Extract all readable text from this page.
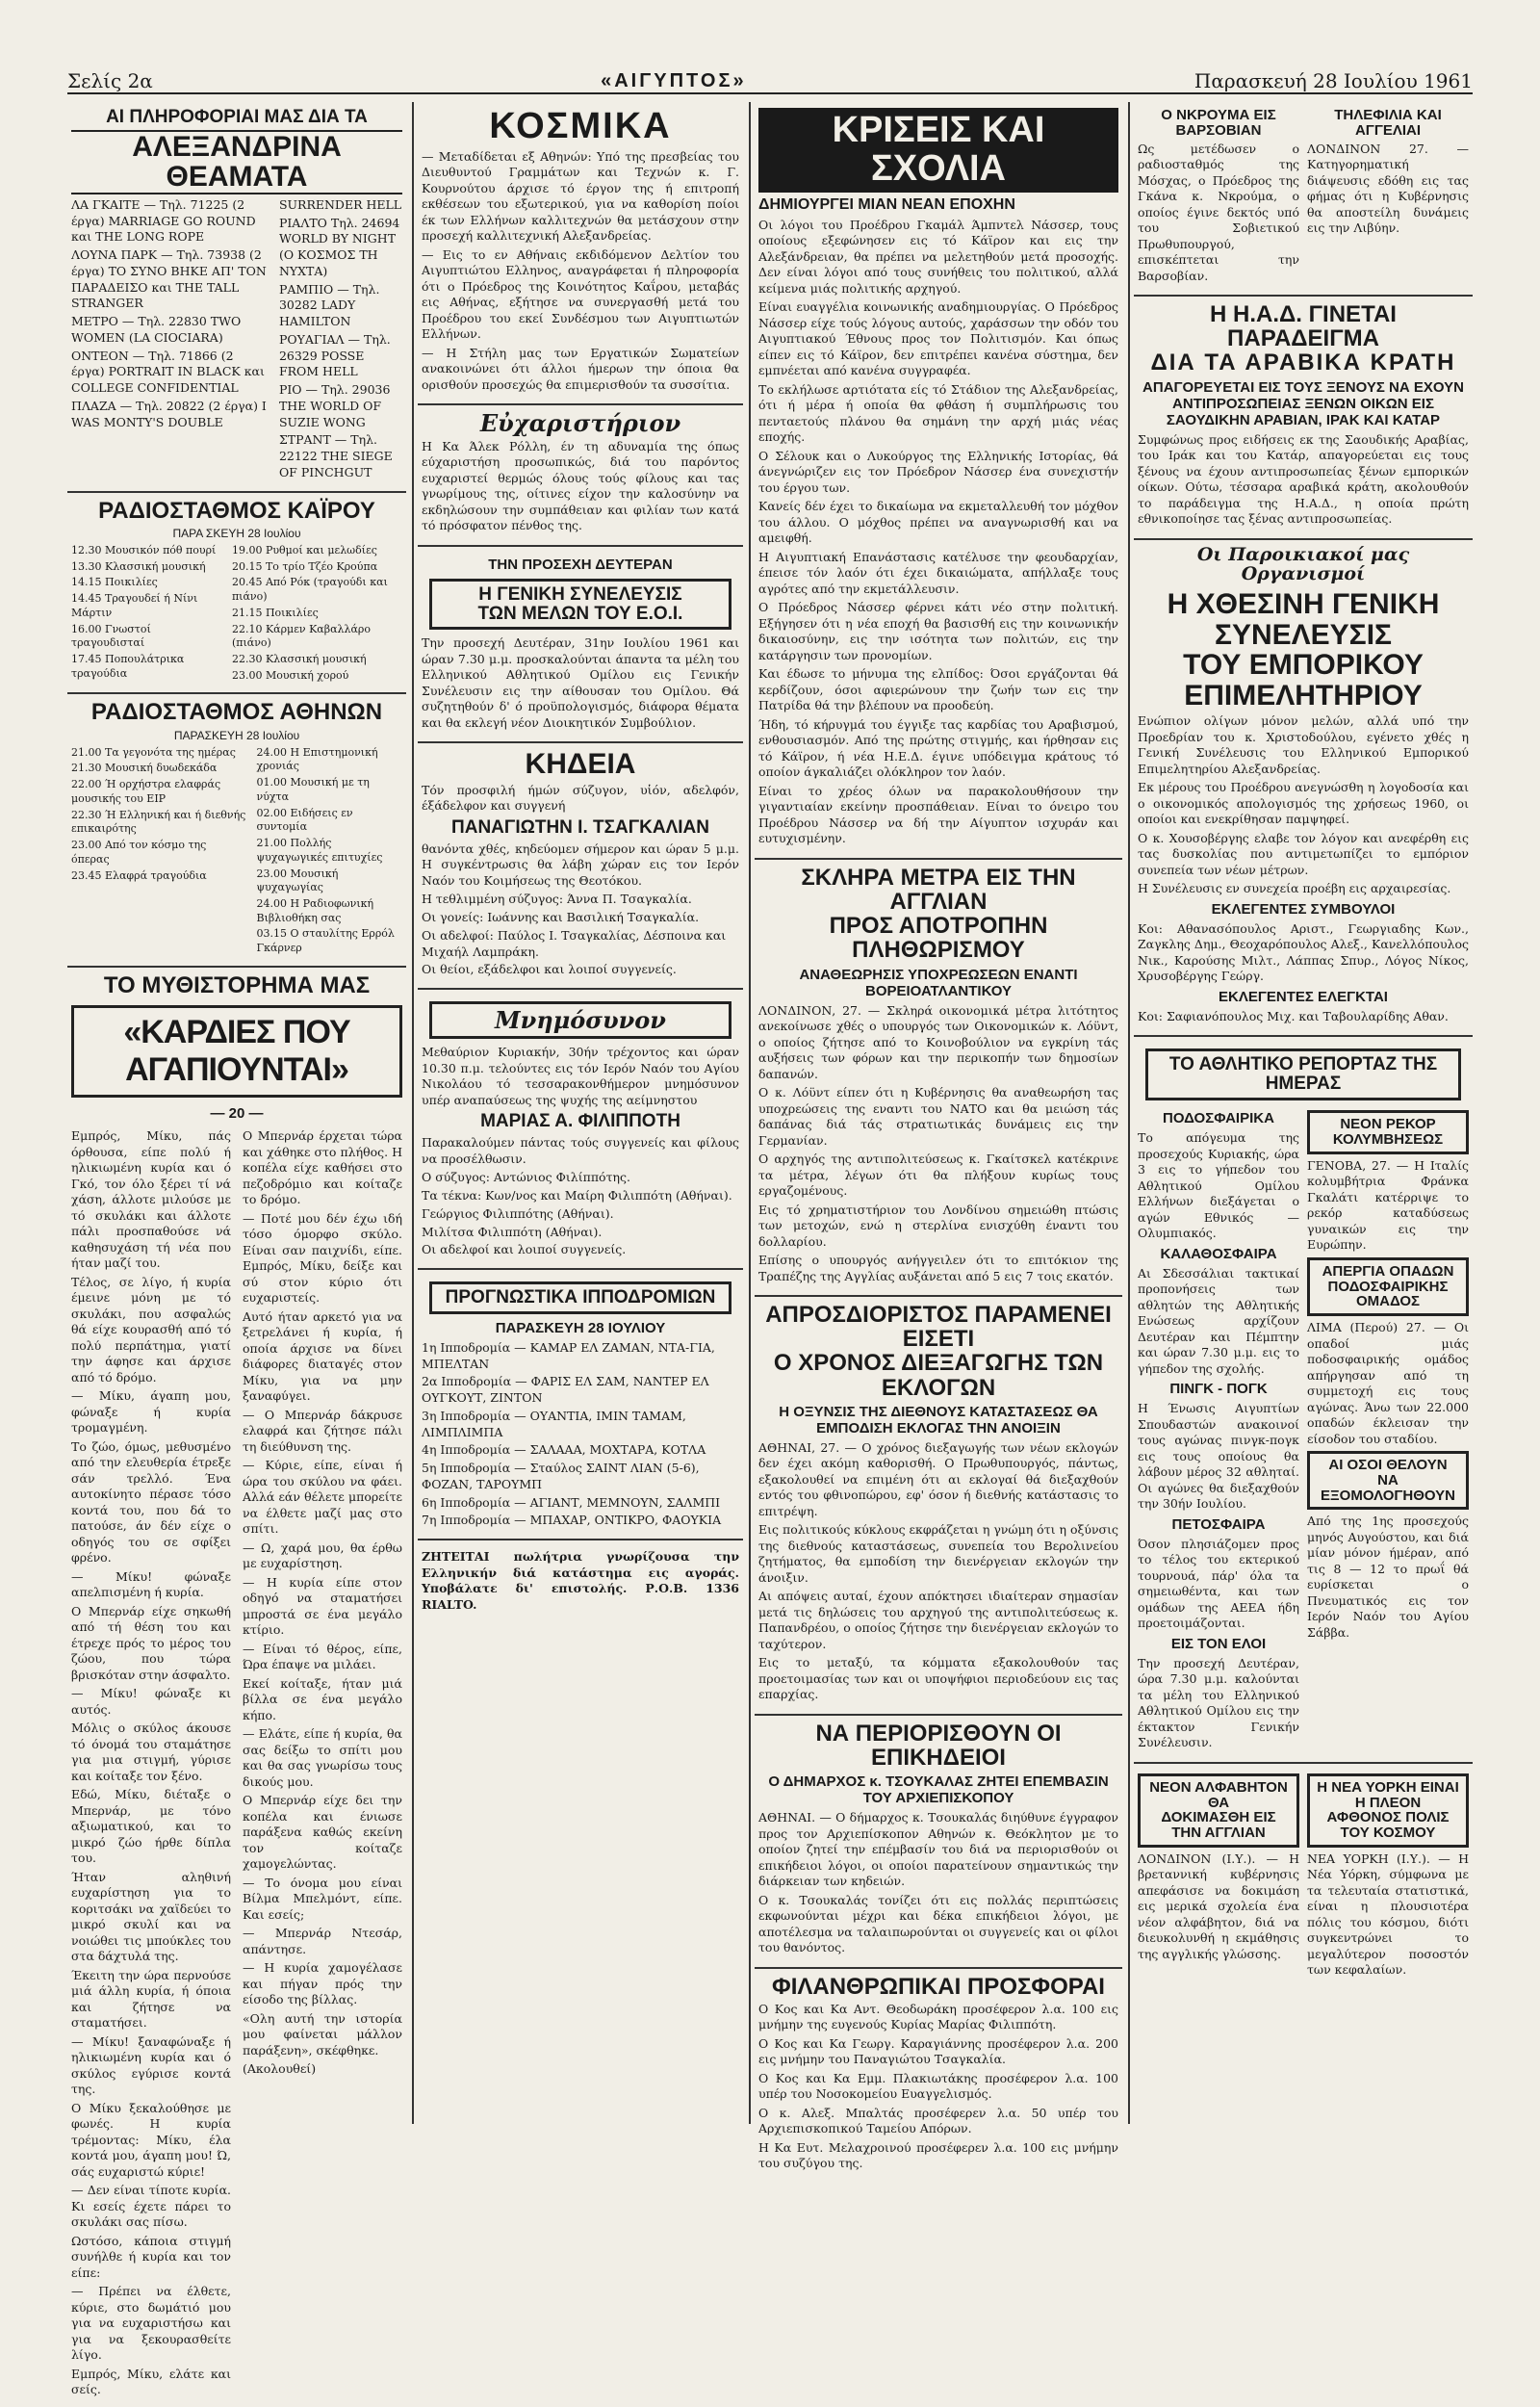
Σελίς 2α	«ΑΙΓΥΠΤΟΣ»	Παρασκευή 28 Ιουλίου 1961
ΑΙ ΠΛΗΡΟΦΟΡΙΑΙ ΜΑΣ ΔΙΑ ΤΑ
ΑΛΕΞΑΝΔΡΙΝΑ ΘΕΑΜΑΤΑ
ΛΑ ΓΚΑΙΤΕ — Τηλ. 71225 (2 έργα) MARRIAGE GO ROUND και THE LONG ROPE
ΛΟΥΝΑ ΠΑΡΚ — Τηλ. 73938 (2 έργα) ΤΟ ΣΥΝΟ ΒΗΚΕ ΑΠ' ΤΟΝ ΠΑΡΑΔΕΙΣΟ και THE TALL STRANGER
ΜΕΤΡΟ — Τηλ. 22830 TWO WOMEN (LA CIOCIARA)
ΟΝΤΕΟΝ — Τηλ. 71866 (2 έργα) PORTRAIT IN BLACK και COLLEGE CONFIDENTIAL
ΠΛΑΖΑ — Τηλ. 20822 (2 έργα) I WAS MONTY'S DOUBLE
SURRENDER HELL
ΡΙΑΛΤΟ Τηλ. 24694 WORLD BY NIGHT (Ο ΚΟΣΜΟΣ ΤΗ ΝΥΧΤΑ)
ΡΑΜΠΙΟ — Τηλ. 30282 LADY HAMILTON
ΡΟΥΑΓΙΑΛ — Τηλ. 26329 POSSE FROM HELL
ΡΙΟ — Τηλ. 29036 THE WORLD OF SUZIE WONG
ΣΤΡΑΝΤ — Τηλ. 22122 THE SIEGE OF PINCHGUT
ΡΑΔΙΟΣΤΑΘΜΟΣ ΚΑΪΡΟΥ
ΠΑΡΑ ΣΚΕΥΗ 28 Ιουλίου
12.30 Μουσικόν πόθ πουρί
13.30 Κλασσική μουσική
14.15 Ποικιλίες
14.45 Τραγουδεί ή Νίνι Μάρτιν
16.00 Γνωστοί τραγουδισταί
17.45 Ποπουλάτρικα τραγούδια
19.00 Ρυθμοί και μελωδίες
20.15 Το τρίο Τζέο Κρούπα
20.45 Από Ρόκ (τραγούδι και πιάνο)
21.15 Ποικιλίες
22.10 Κάρμεν Καβαλλάρο (πιάνο)
22.30 Κλασσική μουσική
23.00 Μουσική χορού
ΡΑΔΙΟΣΤΑΘΜΟΣ ΑΘΗΝΩΝ
ΠΑΡΑΣΚΕΥΗ 28 Ιουλίου
21.00 Τα γεγονότα της ημέρας
21.30 Μουσική δυωδεκάδα
22.00 Ή ορχήστρα ελαφράς μουσικής του ΕΙΡ
22.30 Ή Ελληνική και ή διεθνής επικαιρότης
23.00 Από τον κόσμο της όπερας
23.45 Ελαφρά τραγούδια
24.00 Η Επιστημονική χρονιάς
01.00 Μουσική με τη νύχτα
02.00 Ειδήσεις εν συντομία
21.00 Πολλής ψυχαγωγικές επιτυχίες
23.00 Μουσική ψυχαγωγίας
24.00 Η Ραδιοφωνική Βιβλιοθήκη σας
03.15 Ο σταυλίτης Ερρόλ Γκάρνερ
ΤΟ ΜΥΘΙΣΤΟΡΗΜΑ ΜΑΣ
«ΚΑΡΔΙΕΣ ΠΟΥ ΑΓΑΠΙΟΥΝΤΑΙ»
— 20 —

Εμπρός, Μίκυ, πάς όρθουσα, είπε πολύ ή ηλικιωμένη κυρία και ό Γκό, τον όλο ξέρει τί νά χάση, άλλοτε μιλούσε με τό σκυλάκι και άλλοτε πάλι προσπαθούσε νά καθησυχάση τή νέα που ήταν μαζί του.

Τέλος, σε λίγο, ή κυρία έμεινε μόνη με τό σκυλάκι, που ασφαλώς θά είχε κουρασθή από τό πολύ περπάτημα, γιατί την άφησε και άρχισε από τό δρόμο.

— Μίκυ, άγαπη μου, φώναξε ή κυρία τρομαγμένη.

Το ζώο, όμως, μεθυσμένο από την ελευθερία έτρεξε σάν τρελλό. Ένα αυτοκίνητο πέρασε τόσο κοντά του, που δά το πατούσε, άν δέν είχε ο οδηγός του σε σφίξει φρένο.

— Μίκυ! φώναξε απελπισμένη ή κυρία.

Ο Μπερνάρ είχε σηκωθή από τή θέση του και έτρεχε πρός το μέρος του ζώου, που τώρα βρισκόταν στην άσφαλτο.

— Μίκυ! φώναξε κι αυτός.

Μόλις ο σκύλος άκουσε τό όνομά του σταμάτησε για μια στιγμή, γύρισε και κοίταξε τον ξένο.

Εδώ, Μίκυ, διέταξε ο Μπερνάρ, με τόνο αξιωματικού, και το μικρό ζώο ήρθε δίπλα του.

Ήταν αληθινή ευχαρίστηση για το κοριτσάκι να χαϊδεύει το μικρό σκυλί και να νοιώθει τις μπούκλες του στα δάχτυλά της.

Έκειτη την ώρα περνούσε μιά άλλη κυρία, ή όποια και ζήτησε να σταματήσει.

— Μίκυ! ξαναφώναξε ή ηλικιωμένη κυρία και ό σκύλος εγύρισε κοντά της.

Ο Μίκυ ξεκαλούθησε με φωνές. Η κυρία τρέμοντας: Μίκυ, έλα κοντά μου, άγαπη μου! Ώ, σάς ευχαριστώ κύριε!

— Δεν είναι τίποτε κυρία. Κι εσείς έχετε πάρει το σκυλάκι σας πίσω.

Ωστόσο, κάποια στιγμή συνήλθε ή κυρία και τον είπε:

— Πρέπει να έλθετε, κύριε, στο δωμάτιό μου για να ευχαριστήσω και για να ξεκουρασθείτε λίγο.

Εμπρός, Μίκυ, ελάτε και σείς.

Ο Μπερνάρ έρχεται τώρα και χάθηκε στο πλήθος. Η κοπέλα είχε καθήσει στο πεζοδρόμιο και κοίταζε το δρόμο.

— Ποτέ μου δέν έχω ιδή τόσο όμορφο σκύλο. Είναι σαν παιχνίδι, είπε. Εμπρός, Μίκυ, δείξε και σύ στον κύριο ότι ευχαριστείς.

Αυτό ήταν αρκετό για να ξετρελάνει ή κυρία, ή οποία άρχισε να δίνει διάφορες διαταγές στον Μίκυ, για να μην ξαναφύγει.

— Ο Μπερνάρ δάκρυσε ελαφρά και ζήτησε πάλι τη διεύθυνση της.

— Κύριε, είπε, είναι ή ώρα του σκύλου να φάει. Αλλά εάν θέλετε μπορείτε να έλθετε μαζί μας στο σπίτι.

— Ω, χαρά μου, θα έρθω με ευχαρίστηση.

— Η κυρία είπε στον οδηγό να σταματήσει μπροστά σε ένα μεγάλο κτίριο.

— Είναι τό θέρος, είπε, Ώρα έπαψε να μιλάει.

Εκεί κοίταξε, ήταν μιά βίλλα σε ένα μεγάλο κήπο.

— Ελάτε, είπε ή κυρία, θα σας δείξω το σπίτι μου και θα σας γνωρίσω τους δικούς μου.

Ο Μπερνάρ είχε δει την κοπέλα και ένιωσε παράξενα καθώς εκείνη τον κοίταζε χαμογελώντας.

— Το όνομα μου είναι Βίλμα Μπελμόντ, είπε. Και εσείς;

— Μπερνάρ Ντεσάρ, απάντησε.

— Η κυρία χαμογέλασε και πήγαν πρός την είσοδο της βίλλας.

«Ολη αυτή την ιστορία μου φαίνεται μάλλον παράξενη», σκέφθηκε.

(Ακολουθεί)

ΚΟΣΜΙΚΑ

— Μεταδίδεται εξ Αθηνών: Υπό της πρεσβείας του Διευθυντού Γραμμάτων και Τεχνών κ. Γ. Κουρνούτου άρχισε τό έργον της ή επιτροπή εκθέσεων του εξωτερικού, για να καθορίση ποίοι έκ των Ελλήνων καλλιτεχνών θα μετάσχουν στην προσεχή καλλιτεχνική Αλεξανδρείας.

— Εις το εν Αθήναις εκδιδόμενον Δελτίον του Αιγυπτιώτου Ελληνος, αναγράφεται ή πληροφορία ότι ο Πρόεδρος της Κοινότητος Καΐρου, μεταβάς εις Αθήνας, εξήτησε να συνεργασθή μετά του Προέδρου του εκεί Συνδέσμου των Αιγυπτιωτών Ελλήνων.

— Η Στήλη μας των Εργατικών Σωματείων ανακοινώνει ότι άλλοι ήμερων την όποια θα ορισθούν προσεχώς θα επιμερισθούν τα συσσίτια.

Εὐχαριστήριον

Η Κα Άλεκ Ρόλλη, έν τη αδυναμία της όπως εύχαριστήση προσωπικώς, διά του παρόντος ευχαριστεί θερμώς όλους τούς φίλους και τας γνωρίμους της, οίτινες είχον την καλοσύνην να εκδηλώσουν την συμπάθειαν και φιλίαν των κατά τό πρόσφατον πένθος της.

ΤΗΝ ΠΡΟΣΕΧΗ ΔΕΥΤΕΡΑΝ
Η ΓΕΝΙΚΗ ΣΥΝΕΛΕΥΣΙΣ
ΤΩΝ ΜΕΛΩΝ ΤΟΥ Ε.Ο.Ι.

Την προσεχή Δευτέραν, 31ην Ιουλίου 1961 και ώραν 7.30 μ.μ. προσκαλούνται άπαντα τα μέλη του Ελληνικού Αθλητικού Ομίλου εις Γενικήν Συνέλευσιν εις την αίθουσαν του Ομίλου. Θά συζητηθούν δ' ό προϋπολογισμός, διάφορα θέματα και θα εκλεγή νέον Διοικητικόν Συμβούλιον.

ΚΗΔΕΙΑ

Τόν προσφιλή ήμών σύζυγον, υἱόν, αδελφόν, έξάδελφον και συγγενή

ΠΑΝΑΓΙΩΤΗΝ Ι. ΤΣΑΓΚΑΛΙΑΝ

θανόντα χθές, κηδεύομεν σήμερον και ώραν 5 μ.μ. Η συγκέντρωσις θα λάβη χώραν εις τον Ιερόν Ναόν του Κοιμήσεως της Θεοτόκου.

Η τεθλιμμένη σύζυγος: Άννα Π. Τσαγκαλία.
Οι γονείς: Ιωάννης και Βασιλική Τσαγκαλία.
Οι αδελφοί: Παύλος Ι. Τσαγκαλίας, Δέσποινα και Μιχαήλ Λαμπράκη.
Οι θείοι, εξάδελφοι και λοιποί συγγενείς.
Μνημόσυνον

Μεθαύριον Κυριακήν, 30ήν τρέχοντος και ώραν 10.30 π.μ. τελούντες εις τόν Ιερόν Ναόν του Αγίου Νικολάου τό τεσσαρακονθήμερον μνημόσυνον υπέρ αναπαύσεως της ψυχής της αείμνηστου

ΜΑΡΙΑΣ Α. ΦΙΛΙΠΠΟΤΗ

Παρακαλούμεν πάντας τούς συγγενείς και φίλους να προσέλθωσιν.

Ο σύζυγος: Αντώνιος Φιλίππότης.
Τα τέκνα: Κων/νος και Μαίρη Φιλιππότη (Αθήναι).
Γεώργιος Φιλιππότης (Αθήναι).
Μιλίτσα Φιλιππότη (Αθήναι).
Οι αδελφοί και λοιποί συγγενείς.
ΠΡΟΓΝΩΣΤΙΚΑ ΙΠΠΟΔΡΟΜΙΩΝ
ΠΑΡΑΣΚΕΥΗ 28 ΙΟΥΛΙΟΥ
1η Ιπποδρομία — ΚΑΜΑΡ ΕΛ ΖΑΜΑΝ, ΝΤΑ-ΓΙΑ, ΜΠΕΛΤΑΝ
2α Ιπποδρομία — ΦΑΡΙΣ ΕΛ ΣΑΜ, ΝΑΝΤΕΡ ΕΛ ΟΥΓΚΟΥΤ, ΖΙΝΤΟΝ
3η Ιπποδρομία — ΟΥΑΝΤΙΑ, ΙΜΙΝ ΤΑΜΑΜ, ΛΙΜΠΛΙΜΠΑ
4η Ιπποδρομία — ΣΑΛΑΑΑ, ΜΟΧΤΑΡΑ, ΚΟΤΛΑ
5η Ιπποδρομία — Σταύλος ΣΑΙΝΤ ΛΙΑΝ (5-6), ΦΟΖΑΝ, ΤΑΡΟΥΜΠ
6η Ιπποδρομία — ΑΓΙΑΝΤ, ΜΕΜΝΟΥΝ, ΣΑΛΜΠΙ
7η Ιπποδρομία — ΜΠΑΧΑΡ, ΟΝΤΙΚΡΟ, ΦΑΟΥΚΙΑ

ΖΗΤΕΙΤΑΙ πωλήτρια γνωρίζουσα την Ελληνικήν διά κατάστημα εις αγοράς. Υποβάλατε δι' επιστολής. Ρ.Ο.Β. 1336 RIALTO.

ΚΡΙΣΕΙΣ ΚΑΙ ΣΧΟΛΙΑ
ΔΗΜΙΟΥΡΓΕΙ ΜΙΑΝ ΝΕΑΝ ΕΠΟΧΗΝ

Οι λόγοι του Προέδρου Γκαμάλ Άμπντελ Νάσσερ, τους οποίους εξεφώνησεν εις τό Κάϊρον και εις την Αλεξάνδρειαν, θα πρέπει να μελετηθούν μετά προσοχής. Δεν είναι λόγοι από τους συνήθεις του πολιτικού, αλλά κείμενα μιάς πολιτικής αρχηγού.

Είναι ευαγγέλια κοινωνικής αναδημιουργίας. Ο Πρόεδρος Νάσσερ είχε τούς λόγους αυτούς, χαράσσων την οδόν του Αιγυπτιακού Έθνους προς τον Πολιτισμόν. Και όπως είπεν εις τό Κάϊρον, δεν επιτρέπει κανένα σύστημα, δεν εμπνέεται από κανένα συγγραφέα.

Το εκλήλωσε αρτιότατα είς τό Στάδιον της Αλεξανδρείας, ότι ή μέρα ή οποία θα φθάση ή συμπλήρωσις του πενταετούς πλάνου θα σημάνη την αρχή μιάς νέας εποχής.

Ο Σέλουκ και ο Λυκούργος της Ελληνικής Ιστορίας, θά άνεγνώριζεν εις τον Πρόεδρον Νάσσερ ένα συνεχιστήν του έργου των.

Κανείς δέν έχει το δικαίωμα να εκμεταλλευθή τον μόχθον του άλλου. Ο μόχθος πρέπει να αναγνωρισθή και να αμειφθή.

Η Αιγυπτιακή Επανάστασις κατέλυσε την φεουδαρχίαν, έπεισε τόν λαόν ότι έχει δικαιώματα, απήλλαξε τους αγρότες από την εκμετάλλευσιν.

Ο Πρόεδρος Νάσσερ φέρνει κάτι νέο στην πολιτική. Εξήγησεν ότι η νέα εποχή θα βασισθή εις την κοινωνικήν δικαιοσύνην, εις την ισότητα των πολιτών, εις την κατάργησιν των προνομίων.

Και έδωσε το μήνυμα της ελπίδος: Όσοι εργάζονται θά κερδίζουν, όσοι αφιερώνουν την ζωήν των εις την Πατρίδα θά την βλέπουν να προοδεύη.

Ήδη, τό κήρυγμά του έγγιξε τας καρδίας του Αραβισμού, ενθουσιασμόν. Από της πρώτης στιγμής, και ήρθησαν εις τό Κάϊρον, ή νέα Η.Ε.Δ. έγινε υπόδειγμα κράτους τό οποίον άγκαλιάζει ολόκληρον τον λαόν.

Είναι το χρέος όλων να παρακολουθήσουν την γιγαντιαίαν εκείνην προσπάθειαν. Είναι το όνειρο του Προέδρου Νάσσερ να δή την Αίγυπτον ισχυράν και ευτυχισμένην.

ΣΚΛΗΡΑ ΜΕΤΡΑ ΕΙΣ ΤΗΝ ΑΓΓΛΙΑΝ
ΠΡΟΣ ΑΠΟΤΡΟΠΗΝ ΠΛΗΘΩΡΙΣΜΟΥ
ΑΝΑΘΕΩΡΗΣΙΣ ΥΠΟΧΡΕΩΣΕΩΝ ΕΝΑΝΤΙ ΒΟΡΕΙΟΑΤΛΑΝΤΙΚΟΥ

ΛΟΝΔΙΝΟΝ, 27. — Σκληρά οικονομικά μέτρα λιτότητος ανεκοίνωσε χθές ο υπουργός των Οικονομικών κ. Λόϋντ, ο οποίος ζήτησε από το Κοινοβούλιον να εγκρίνη τάς αυξήσεις των φόρων και την περικοπήν των δημοσίων δαπανών.

Ο κ. Λόϋντ είπεν ότι η Κυβέρνησις θα αναθεωρήση τας υποχρεώσεις της εναντι του ΝΑΤΟ και θα μειώση τάς δαπάνας διά τάς στρατιωτικάς δυνάμεις εις την Γερμανίαν.

Ο αρχηγός της αντιπολιτεύσεως κ. Γκαίτσκελ κατέκρινε τα μέτρα, λέγων ότι θα πλήξουν κυρίως τους εργαζομένους.

Εις τό χρηματιστήριον του Λονδίνου σημειώθη πτώσις των μετοχών, ενώ η στερλίνα ενισχύθη έναντι του δολλαρίου.

Επίσης ο υπουργός ανήγγειλεν ότι το επιτόκιον της Τραπέζης της Αγγλίας αυξάνεται από 5 εις 7 τοις εκατόν.

ΑΠΡΟΣΔΙΟΡΙΣΤΟΣ ΠΑΡΑΜΕΝΕΙ ΕΙΣΕΤΙ
Ο ΧΡΟΝΟΣ ΔΙΕΞΑΓΩΓΗΣ ΤΩΝ ΕΚΛΟΓΩΝ
Η ΟΞΥΝΣΙΣ ΤΗΣ ΔΙΕΘΝΟΥΣ ΚΑΤΑΣΤΑΣΕΩΣ ΘΑ ΕΜΠΟΔΙΣΗ ΕΚΛΟΓΑΣ ΤΗΝ ΑΝΟΙΞΙΝ

ΑΘΗΝΑΙ, 27. — Ο χρόνος διεξαγωγής των νέων εκλογών δεν έχει ακόμη καθορισθή. Ο Πρωθυπουργός, πάντως, εξακολουθεί να επιμένη ότι αι εκλογαί θά διεξαχθούν εντός του φθινοπώρου, εφ' όσον ή διεθνής κατάστασις το επιτρέψη.

Εις πολιτικούς κύκλους εκφράζεται η γνώμη ότι η οξύνσις της διεθνούς καταστάσεως, συνεπεία του Βερολινείου ζητήματος, θα εμποδίση την διενέργειαν εκλογών την άνοιξιν.

Αι απόψεις αυταί, έχουν απόκτησει ιδιαίτεραν σημασίαν μετά τις δηλώσεις του αρχηγού της αντιπολιτεύσεως κ. Παπανδρέου, ο οποίος ζήτησε την διενέργειαν εκλογών το ταχύτερον.

Εις το μεταξύ, τα κόμματα εξακολουθούν τας προετοιμασίας των και οι υποψήφιοι περιοδεύουν εις τας επαρχίας.

ΝΑ ΠΕΡΙΟΡΙΣΘΟΥΝ ΟΙ ΕΠΙΚΗΔΕΙΟΙ
Ο ΔΗΜΑΡΧΟΣ κ. ΤΣΟΥΚΑΛΑΣ ΖΗΤΕΙ ΕΠΕΜΒΑΣΙΝ ΤΟΥ ΑΡΧΙΕΠΙΣΚΟΠΟΥ

ΑΘΗΝΑΙ. — Ο δήμαρχος κ. Τσουκαλάς διηύθυνε έγγραφον προς τον Αρχιεπίσκοπον Αθηνών κ. Θεόκλητον με το οποίον ζητεί την επέμβασίν του διά να περιορισθούν οι επικήδειοι λόγοι, οι οποίοι παρατείνουν σημαντικώς την διάρκειαν των κηδειών.

Ο κ. Τσουκαλάς τονίζει ότι εις πολλάς περιπτώσεις εκφωνούνται μέχρι και δέκα επικήδειοι λόγοι, με αποτέλεσμα να ταλαιπωρούνται οι συγγενείς και οι φίλοι του θανόντος.

ΦΙΛΑΝΘΡΩΠΙΚΑΙ ΠΡΟΣΦΟΡΑΙ

Ο Κος και Κα Αντ. Θεοδωράκη προσέφερον λ.α. 100 εις μνήμην της ευγενούς Κυρίας Μαρίας Φιλιππότη.

Ο Κος και Κα Γεωργ. Καραγιάννης προσέφερον λ.α. 200 εις μνήμην του Παναγιώτου Τσαγκαλία.

Ο Κος και Κα Εμμ. Πλακιωτάκης προσέφερον λ.α. 100 υπέρ του Νοσοκομείου Ευαγγελισμός.

Ο κ. Αλεξ. Μπαλτάς προσέφερεν λ.α. 50 υπέρ του Αρχιεπισκοπικού Ταμείου Απόρων.

Η Κα Ευτ. Μελαχροινού προσέφερεν λ.α. 100 εις μνήμην του συζύγου της.

Ο ΝΚΡΟΥΜΑ ΕΙΣ ΒΑΡΣΟΒΙΑΝ

Ως μετέδωσεν ο ραδιοσταθμός της Μόσχας, ο Πρόεδρος της Γκάνα κ. Νκρούμα, ο οποίος έγινε δεκτός υπό του Σοβιετικού Πρωθυπουργού, επισκέπτεται την Βαρσοβίαν.

ΤΗΛΕΦΙΛΙΑ ΚΑΙ ΑΓΓΕΛΙΑΙ

ΛΟΝΔΙΝΟΝ 27. — Κατηγορηματική διάψευσις εδόθη εις τας φήμας ότι η Κυβέρνησις θα αποστείλη δυνάμεις εις την Λιβύην.

Η Η.Α.Δ. ΓΙΝΕΤΑΙ ΠΑΡΑΔΕΙΓΜΑ
ΔΙΑ ΤΑ ΑΡΑΒΙΚΑ ΚΡΑΤΗ
ΑΠΑΓΟΡΕΥΕΤΑΙ ΕΙΣ ΤΟΥΣ ΞΕΝΟΥΣ ΝΑ ΕΧΟΥΝ ΑΝΤΙΠΡΟΣΩΠΕΙΑΣ ΞΕΝΩΝ ΟΙΚΩΝ ΕΙΣ ΣΑΟΥΔΙΚΗΝ ΑΡΑΒΙΑΝ, ΙΡΑΚ ΚΑΙ ΚΑΤΑΡ

Συμφώνως προς ειδήσεις εκ της Σαουδικής Αραβίας, του Ιράκ και του Κατάρ, απαγορεύεται εις τους ξένους να έχουν αντιπροσωπείας ξένων εμπορικών οίκων. Ούτω, τέσσαρα αραβικά κράτη, ακολουθούν το παράδειγμα της Η.Α.Δ., η οποία πρώτη εθνικοποίησε τας ξένας αντιπροσωπείας.

Οι Παροικιακοί μας Οργανισμοί
Η ΧΘΕΣΙΝΗ ΓΕΝΙΚΗ ΣΥΝΕΛΕΥΣΙΣ
ΤΟΥ ΕΜΠΟΡΙΚΟΥ ΕΠΙΜΕΛΗΤΗΡΙΟΥ

Ενώπιον ολίγων μόνον μελών, αλλά υπό την Προεδρίαν του κ. Χριστοδούλου, εγένετο χθές η Γενική Συνέλευσις του Ελληνικού Εμπορικού Επιμελητηρίου Αλεξανδρείας.

Εκ μέρους του Προέδρου ανεγνώσθη η λογοδοσία και ο οικονομικός απολογισμός της χρήσεως 1960, οι οποίοι και ενεκρίθησαν παμψηφεί.

Ο κ. Χουσοβέργης ελαβε τον λόγον και ανεφέρθη εις τας δυσκολίας που αντιμετωπίζει το εμπόριον συνεπεία των νέων μέτρων.

Η Συνέλευσις εν συνεχεία προέβη εις αρχαιρεσίας.

ΕΚΛΕΓΕΝΤΕΣ ΣΥΜΒΟΥΛΟΙ

Κοι: Αθανασόπουλος Αριστ., Γεωργιαδης Κων., Ζαγκλης Δημ., Θεοχαρόπουλος Αλεξ., Κανελλόπουλος Νικ., Καρούσης Μιλτ., Λάππας Σπυρ., Λόγος Νίκος, Χρυσοβέργης Γεώργ.

ΕΚΛΕΓΕΝΤΕΣ ΕΛΕΓΚΤΑΙ

Κοι: Σαφιανόπουλος Μιχ. και Ταβουλαρίδης Αθαν.

ΤΟ ΑΘΛΗΤΙΚΟ ΡΕΠΟΡΤΑΖ ΤΗΣ ΗΜΕΡΑΣ
ΠΟΔΟΣΦΑΙΡΙΚΑ

Το απόγευμα της προσεχούς Κυριακής, ώρα 3 εις το γήπεδον του Αθλητικού Ομίλου Ελλήνων διεξάγεται ο αγών Εθνικός — Ολυμπιακός.

ΚΑΛΑΘΟΣΦΑΙΡΑ

Αι Σδεσσάλιαι τακτικαί προπονήσεις των αθλητών της Αθλητικής Ενώσεως αρχίζουν Δευτέραν και Πέμπτην και ώραν 7.30 μ.μ. εις το γήπεδον της σχολής.

ΠΙΝΓΚ - ΠΟΓΚ

Η Ένωσις Αιγυπτίων Σπουδαστών ανακοινοί τους αγώνας πινγκ-πογκ εις τους οποίους θα λάβουν μέρος 32 αθληταί. Οι αγώνες θα διεξαχθούν την 30ήν Ιουλίου.

ΠΕΤΟΣΦΑΙΡΑ

Όσον πλησιάζομεν προς το τέλος του εκτερικού τουρνουά, πάρ' όλα τα σημειωθέντα, και των ομάδων της ΑΕΕΑ ήδη προετοιμάζονται.

ΕΙΣ ΤΟΝ ΕΛΟΙ

Την προσεχή Δευτέραν, ώρα 7.30 μ.μ. καλούνται τα μέλη του Ελληνικού Αθλητικού Ομίλου εις την έκτακτον Γενικήν Συνέλευσιν.

ΝΕΟΝ ΡΕΚΟΡ ΚΟΛΥΜΒΗΣΕΩΣ

ΓΕΝΟΒΑ, 27. — Η Ιταλίς κολυμβήτρια Φράνκα Γκαλάτι κατέρριψε το ρεκόρ καταδύσεως γυναικών εις την Ευρώπην.

ΑΠΕΡΓΙΑ ΟΠΑΔΩΝ
ΠΟΔΟΣΦΑΙΡΙΚΗΣ ΟΜΑΔΟΣ

ΛΙΜΑ (Περού) 27. — Οι οπαδοί μιάς ποδοσφαιρικής ομάδος απήργησαν από τη συμμετοχή εις τους αγώνας. Άνω των 22.000 οπαδών έκλεισαν την είσοδον του σταδίου.

ΑΙ ΟΣΟΙ ΘΕΛΟΥΝ
ΝΑ ΕΞΟΜΟΛΟΓΗΘΟΥΝ

Από της 1ης προσεχούς μηνός Αυγούστου, και διά μίαν μόνον ήμέραν, από τις 8 — 12 το πρωΐ θά ευρίσκεται ο Πνευματικός εις τον Ιερόν Ναόν του Αγίου Σάββα.

ΝΕΟΝ ΑΛΦΑΒΗΤΟΝ ΘΑ
ΔΟΚΙΜΑΣΘΗ ΕΙΣ ΤΗΝ ΑΓΓΛΙΑΝ

ΛΟΝΔΙΝΟΝ (Ι.Υ.). — Η βρεταννική κυβέρνησις απεφάσισε να δοκιμάση εις μερικά σχολεία ένα νέον αλφάβητον, διά να διευκολυνθή η εκμάθησις της αγγλικής γλώσσης.

Η ΝΕΑ ΥΟΡΚΗ ΕΙΝΑΙ Η ΠΛΕΟΝ
ΑΦΘΟΝΟΣ ΠΟΛΙΣ ΤΟΥ ΚΟΣΜΟΥ

ΝΕΑ ΥΟΡΚΗ (Ι.Υ.). — Η Νέα Υόρκη, σύμφωνα με τα τελευταία στατιστικά, είναι η πλουσιοτέρα πόλις του κόσμου, διότι συγκεντρώνει το μεγαλύτερον ποσοστόν των κεφαλαίων.
